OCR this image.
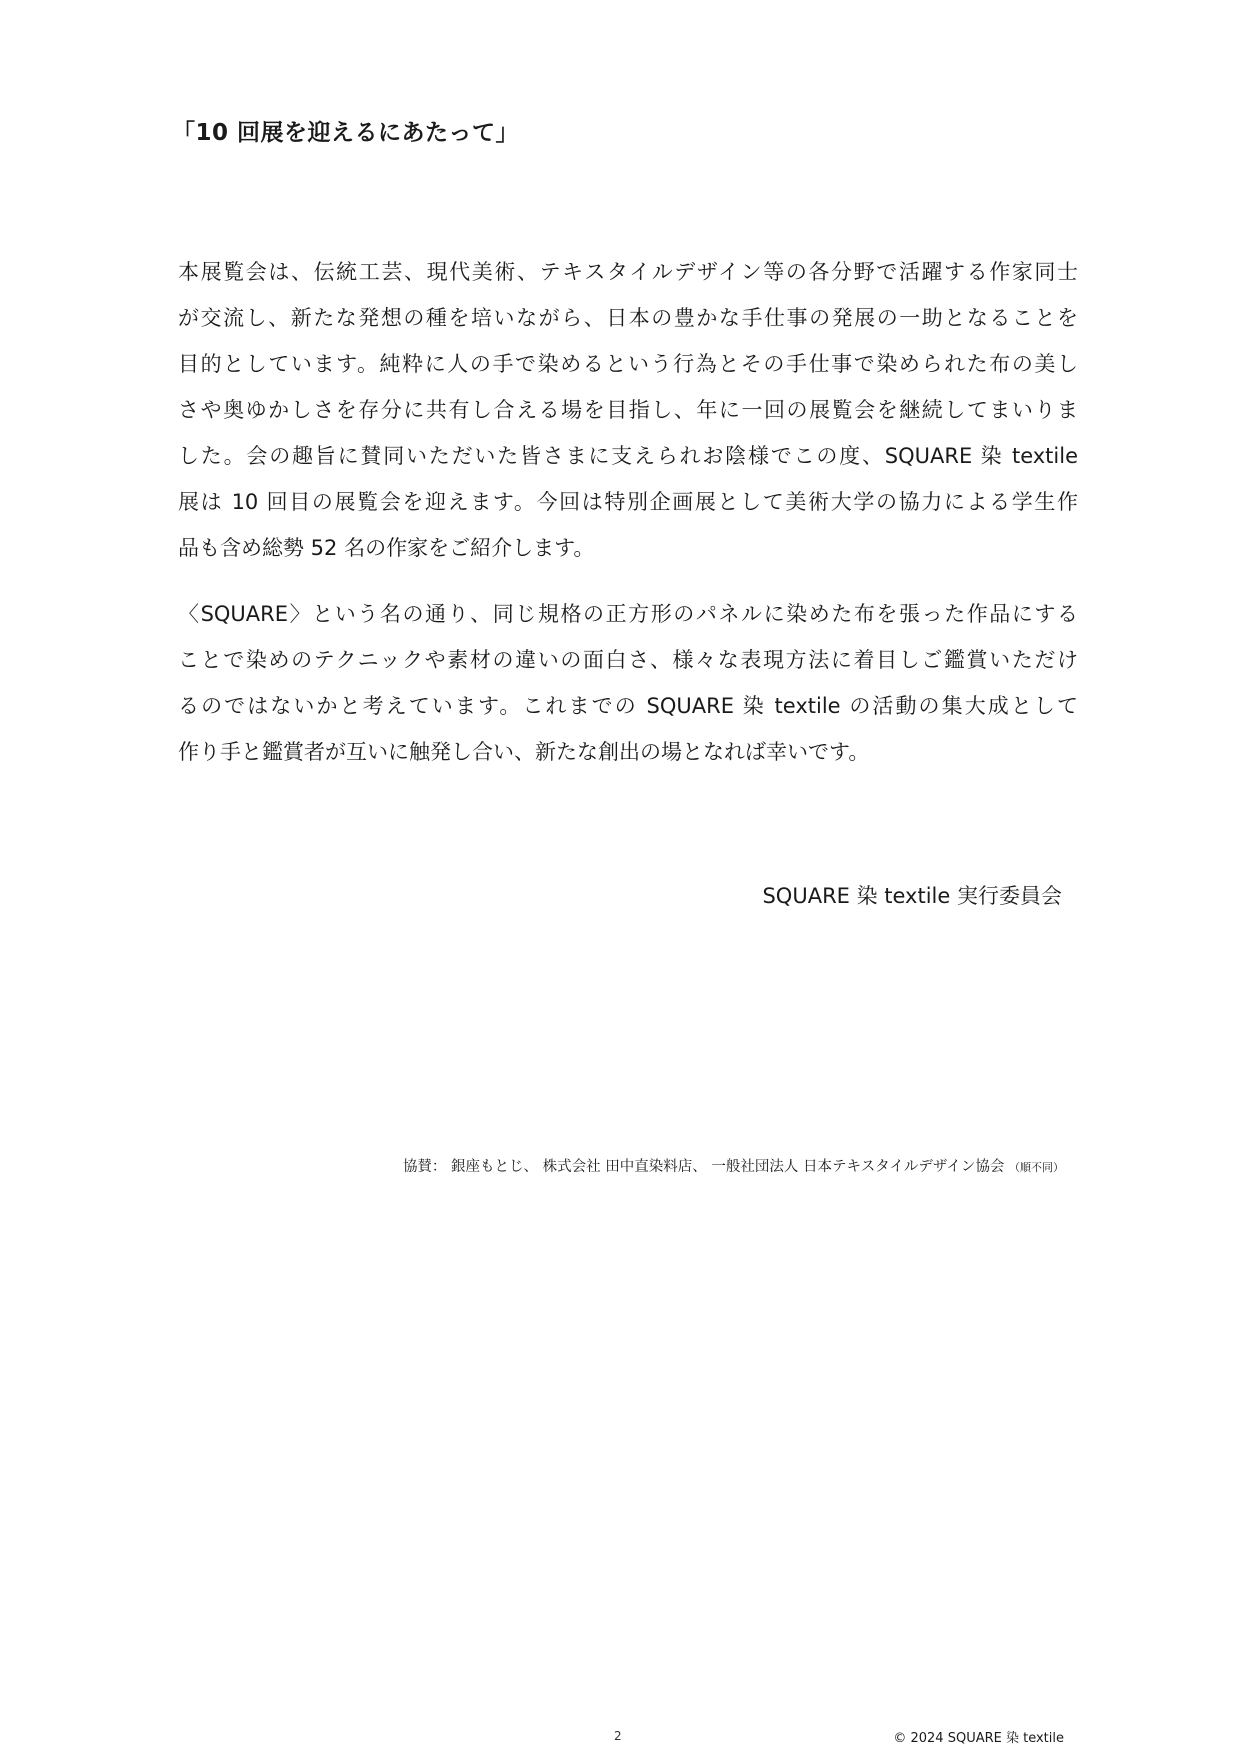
「10 回展を迎えるにあたって」
本展覧会は、伝統工芸、現代美術、テキスタイルデザイン等の各分野で活躍する作家同士
が交流し、新たな発想の種を培いながら、日本の豊かな手仕事の発展の一助となることを
目的としています。純粋に人の手で染めるという行為とその手仕事で染められた布の美し
さや奥ゆかしさを存分に共有し合える場を目指し、年に一回の展覧会を継続してまいりま
した。会の趣旨に賛同いただいた皆さまに支えられお陰様でこの度、SQUARE 染 textile
展は 10 回目の展覧会を迎えます。今回は特別企画展として美術大学の協力による学生作
品も含め総勢 52 名の作家をご紹介します。
〈SQUARE〉という名の通り、同じ規格の正方形のパネルに染めた布を張った作品にする
ことで染めのテクニックや素材の違いの面白さ、様々な表現方法に着目しご鑑賞いただけ
るのではないかと考えています。これまでの SQUARE 染 textile の活動の集大成として
作り手と鑑賞者が互いに触発し合い、新たな創出の場となれば幸いです。
SQUARE 染 textile 実行委員会
協賛： 銀座もとじ、 株式会社 田中直染料店、 一般社団法人 日本テキスタイルデザイン協会 （順不同）
2	© 2024 SQUARE 染 textile
